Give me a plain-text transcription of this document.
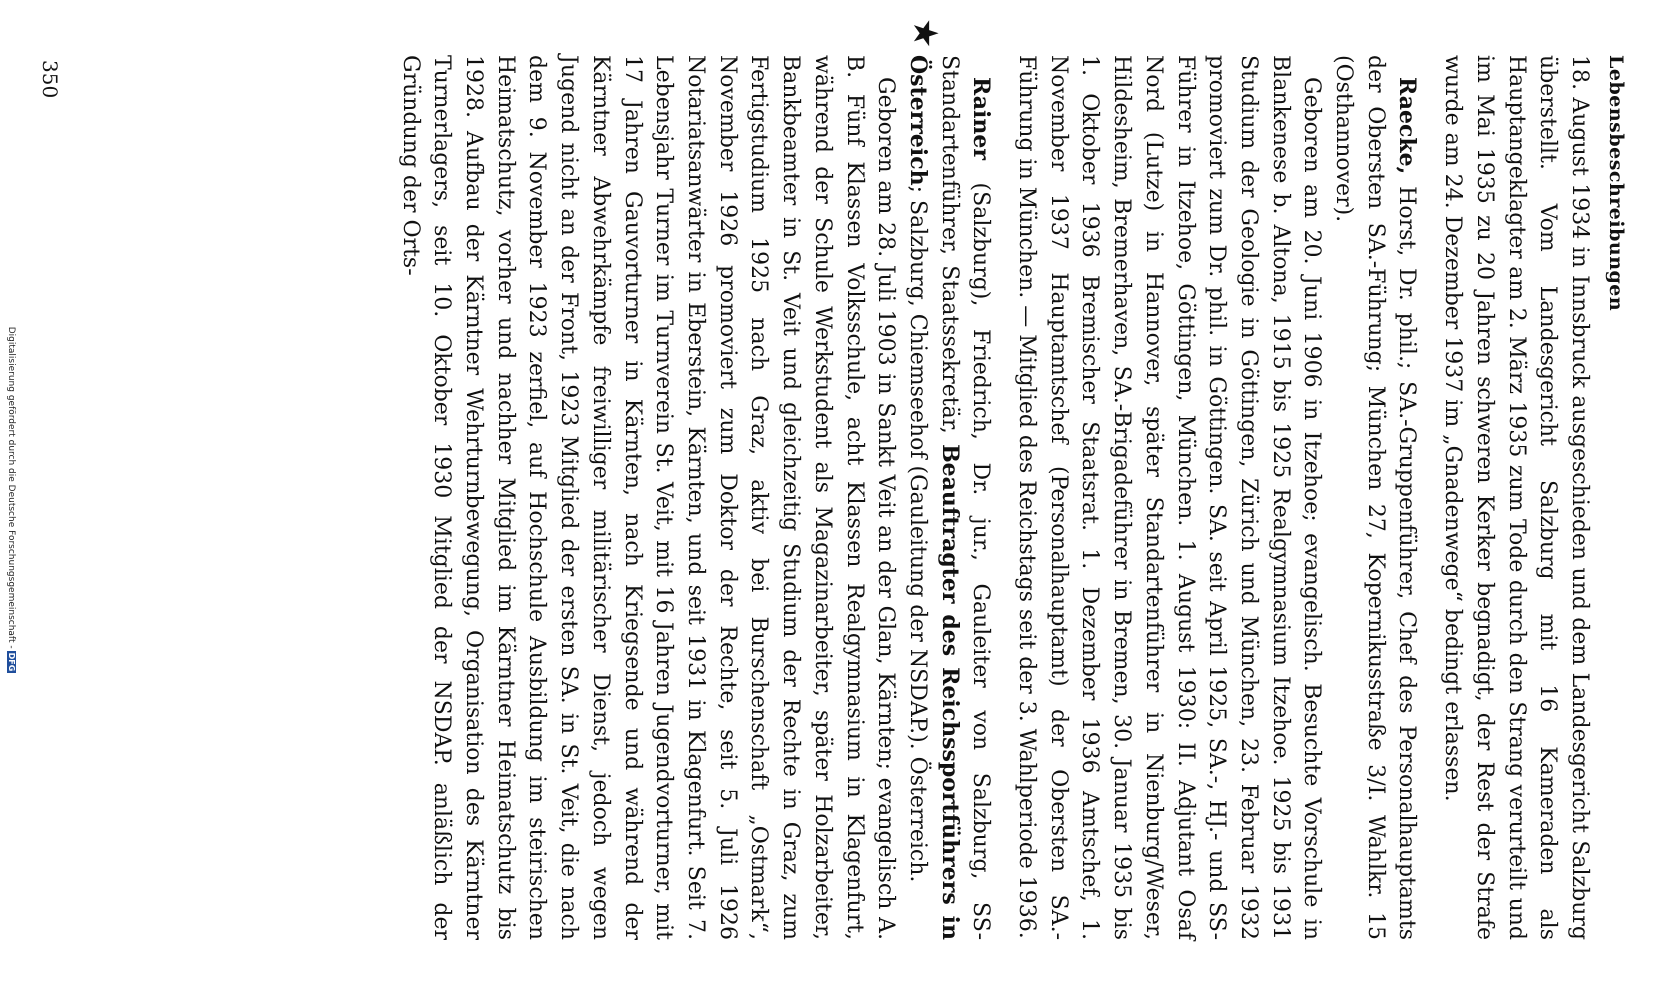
Lebensbeschreibungen

18. August 1934 in Innsbruck ausgeschieden und dem Landesgericht Salzburg überstellt. Vom Landesgericht Salzburg mit 16 Kameraden als Hauptangeklagter am 2. März 1935 zum Tode durch den Strang verurteilt und im Mai 1935 zu 20 Jahren schweren Kerker begnadigt, der Rest der Strafe wurde am 24. Dezember 1937 im „Gnadenwege“ bedingt erlassen.

Raecke, Horst, Dr. phil.; SA.-Gruppenführer, Chef des Personalhauptamts der Obersten SA.-Führung; München 27, Kopernikusstraße 3/I. Wahlkr. 15 (Osthannover).

Geboren am 20. Juni 1906 in Itzehoe; evangelisch. Besuchte Vorschule in Blankenese b. Altona, 1915 bis 1925 Realgymnasium Itzehoe. 1925 bis 1931 Studium der Geologie in Göttingen, Zürich und München, 23. Februar 1932 promoviert zum Dr. phil. in Göttingen. SA. seit April 1925, SA.-, HJ.- und SS-Führer in Itzehoe, Göttingen, München. 1. August 1930: II. Adjutant Osaf Nord (Lutze) in Hannover, später Standartenführer in Nienburg/Weser, Hildesheim, Bremerhaven, SA.-Brigadeführer in Bremen, 30. Januar 1935 bis 1. Oktober 1936 Bremischer Staatsrat. 1. Dezember 1936 Amtschef, 1. November 1937 Hauptamtschef (Personalhauptamt) der Obersten SA.-Führung in München. — Mitglied des Reichstags seit der 3. Wahlperiode 1936.

Rainer (Salzburg), Friedrich, Dr. jur., Gauleiter von Salzburg, SS-Standartenführer, Staatssekretär, Beauftragter des Reichssportführers in Österreich; Salzburg, Chiemseehof (Gauleitung der NSDAP.). Österreich.

Geboren am 28. Juli 1903 in Sankt Veit an der Glan, Kärnten; evangelisch A. B. Fünf Klassen Volksschule, acht Klassen Realgymnasium in Klagenfurt, während der Schule Werkstudent als Magazinarbeiter, später Holzarbeiter, Bankbeamter in St. Veit und gleichzeitig Studium der Rechte in Graz, zum Fertigstudium 1925 nach Graz, aktiv bei Burschenschaft „Ostmark“, November 1926 promoviert zum Doktor der Rechte, seit 5. Juli 1926 Notariatsanwärter in Eberstein, Kärnten, und seit 1931 in Klagenfurt. Seit 7. Lebensjahr Turner im Turnverein St. Veit, mit 16 Jahren Jugendvorturner, mit 17 Jahren Gauvorturner in Kärnten, nach Kriegsende und während der Kärntner Abwehrkämpfe freiwilliger militärischer Dienst, jedoch wegen Jugend nicht an der Front, 1923 Mitglied der ersten SA. in St. Veit, die nach dem 9. November 1923 zerfiel, auf Hochschule Ausbildung im steirischen Heimatschutz, vorher und nachher Mitglied im Kärntner Heimatschutz bis 1928. Aufbau der Kärntner Wehrturnbewegung, Organisation des Kärntner Turnerlagers, seit 10. Oktober 1930 Mitglied der NSDAP. anläßlich der Gründung der Orts-

★
350
Digitalisierung gefördert durch die Deutsche Forschungsgemeinschaft -DFG
